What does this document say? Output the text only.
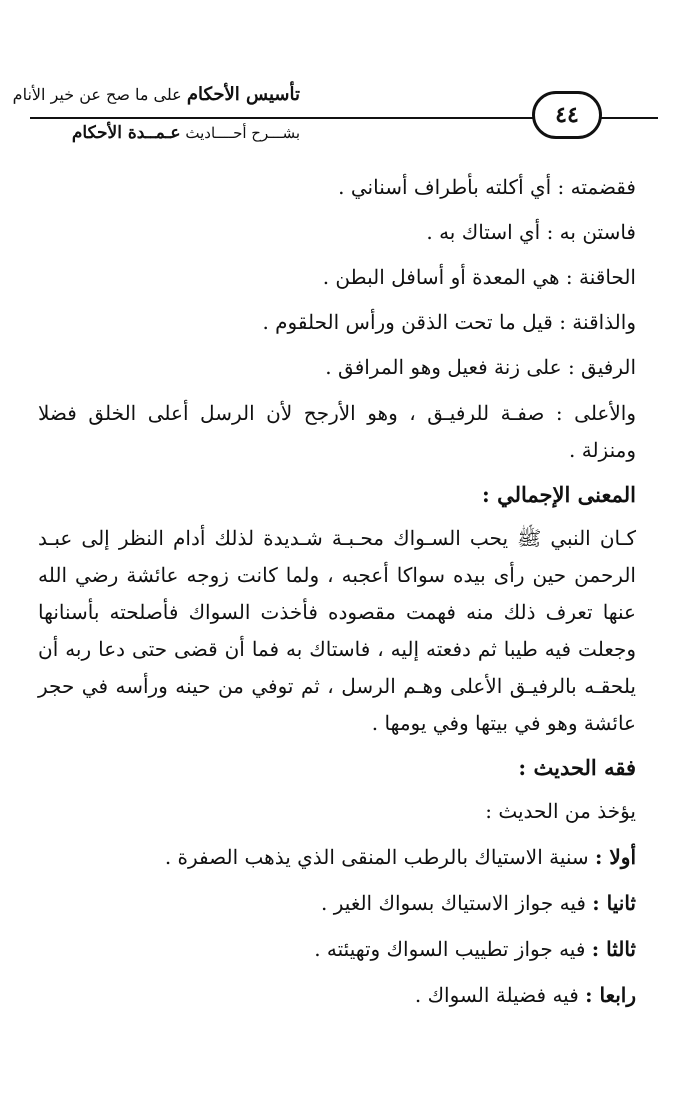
تأسيس الأحكام على ما صح عن خير الأنام
٤٤
بشـــرح أحــــاديث عـمــدة الأحكام
فقضمته : أي أكلته بأطراف أسناني .
فاستن به : أي استاك به .
الحاقنة : هي المعدة أو أسافل البطن .
والذاقنة : قيل ما تحت الذقن ورأس الحلقوم .
الرفيق : على زنة فعيل وهو المرافق .
والأعلى : صفـة للرفيـق ، وهو الأرجح لأن الرسل أعلى الخلق فضلا ومنزلة .
المعنى الإجمالي :
كـان النبي ﷺ يحب السـواك محـبـة شـديدة لذلك أدام النظر إلى عبـد الرحمن حين رأى بيده سواكا أعجبه ، ولما كانت زوجه عائشة رضي الله عنها تعرف ذلك منه فهمت مقصوده فأخذت السواك فأصلحته بأسنانها وجعلت فيه طيبا ثم دفعته إليه ، فاستاك به فما أن قضى حتى دعا ربه أن يلحقـه بالرفيـق الأعلى وهـم الرسل ، ثم توفي من حينه ورأسه في حجر عائشة وهو في بيتها وفي يومها .
فقه الحديث :
يؤخذ من الحديث :
أولا : سنية الاستياك بالرطب المنقى الذي يذهب الصفرة .
ثانيا : فيه جواز الاستياك بسواك الغير .
ثالثا : فيه جواز تطييب السواك وتهيئته .
رابعا : فيه فضيلة السواك .
